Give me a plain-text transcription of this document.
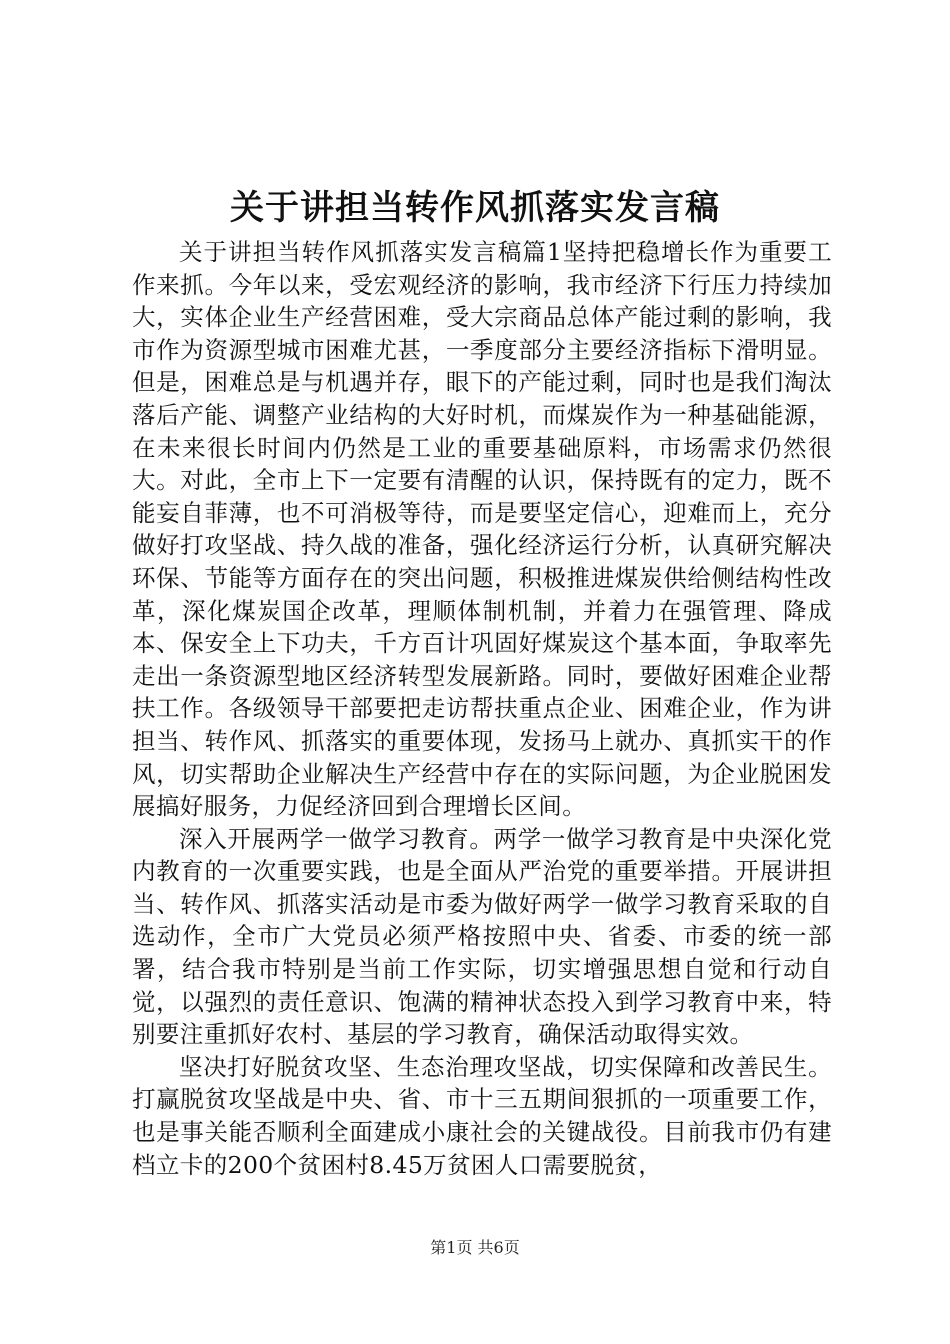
关于讲担当转作风抓落实发言稿

关于讲担当转作风抓落实发言稿篇1坚持把稳增长作为重要工作来抓。今年以来，受宏观经济的影响，我市经济下行压力持续加大，实体企业生产经营困难，受大宗商品总体产能过剩的影响，我市作为资源型城市困难尤甚，一季度部分主要经济指标下滑明显。但是，困难总是与机遇并存，眼下的产能过剩，同时也是我们淘汰落后产能、调整产业结构的大好时机，而煤炭作为一种基础能源，在未来很长时间内仍然是工业的重要基础原料，市场需求仍然很大。对此，全市上下一定要有清醒的认识，保持既有的定力，既不能妄自菲薄，也不可消极等待，而是要坚定信心，迎难而上，充分做好打攻坚战、持久战的准备，强化经济运行分析，认真研究解决环保、节能等方面存在的突出问题，积极推进煤炭供给侧结构性改革，深化煤炭国企改革，理顺体制机制，并着力在强管理、降成本、保安全上下功夫，千方百计巩固好煤炭这个基本面，争取率先走出一条资源型地区经济转型发展新路。同时，要做好困难企业帮扶工作。各级领导干部要把走访帮扶重点企业、困难企业，作为讲担当、转作风、抓落实的重要体现，发扬马上就办、真抓实干的作风，切实帮助企业解决生产经营中存在的实际问题，为企业脱困发展搞好服务，力促经济回到合理增长区间。

深入开展两学一做学习教育。两学一做学习教育是中央深化党内教育的一次重要实践，也是全面从严治党的重要举措。开展讲担当、转作风、抓落实活动是市委为做好两学一做学习教育采取的自选动作，全市广大党员必须严格按照中央、省委、市委的统一部署，结合我市特别是当前工作实际，切实增强思想自觉和行动自觉，以强烈的责任意识、饱满的精神状态投入到学习教育中来，特别要注重抓好农村、基层的学习教育，确保活动取得实效。

坚决打好脱贫攻坚、生态治理攻坚战，切实保障和改善民生。打赢脱贫攻坚战是中央、省、市十三五期间狠抓的一项重要工作，也是事关能否顺利全面建成小康社会的关键战役。目前我市仍有建档立卡的200个贫困村8.45万贫困人口需要脱贫，

第1页 共6页
